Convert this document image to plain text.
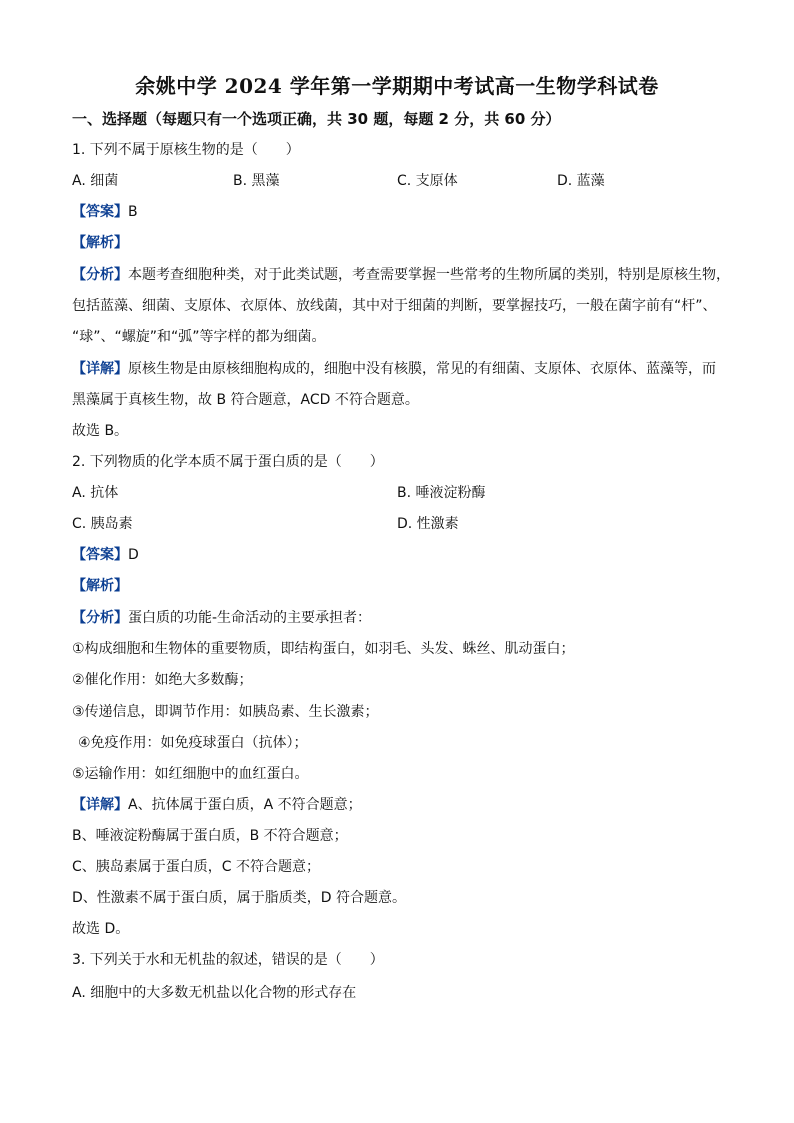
余姚中学 2024 学年第一学期期中考试高一生物学科试卷
一、选择题（每题只有一个选项正确，共 30 题，每题 2 分，共 60 分）
1. 下列不属于原核生物的是（　　）
A. 细菌	B. 黑藻	C. 支原体	D. 蓝藻
【答案】B
【解析】
【分析】本题考查细胞种类，对于此类试题，考查需要掌握一些常考的生物所属的类别，特别是原核生物，
包括蓝藻、细菌、支原体、衣原体、放线菌，其中对于细菌的判断，要掌握技巧，一般在菌字前有“杆”、
“球”、“螺旋”和“弧”等字样的都为细菌。
【详解】原核生物是由原核细胞构成的，细胞中没有核膜，常见的有细菌、支原体、衣原体、蓝藻等，而
黑藻属于真核生物，故 B 符合题意，ACD 不符合题意。
故选 B。
2. 下列物质的化学本质不属于蛋白质的是（　　）
A. 抗体	B. 唾液淀粉酶
C. 胰岛素	D. 性激素
【答案】D
【解析】
【分析】蛋白质的功能-生命活动的主要承担者：
①构成细胞和生物体的重要物质，即结构蛋白，如羽毛、头发、蛛丝、肌动蛋白；
②催化作用：如绝大多数酶；
③传递信息，即调节作用：如胰岛素、生长激素；
④免疫作用：如免疫球蛋白（抗体）；
⑤运输作用：如红细胞中的血红蛋白。
【详解】A、抗体属于蛋白质，A 不符合题意；
B、唾液淀粉酶属于蛋白质，B 不符合题意；
C、胰岛素属于蛋白质，C 不符合题意；
D、性激素不属于蛋白质，属于脂质类，D 符合题意。
故选 D。
3. 下列关于水和无机盐的叙述，错误的是（　　）
A. 细胞中的大多数无机盐以化合物的形式存在
